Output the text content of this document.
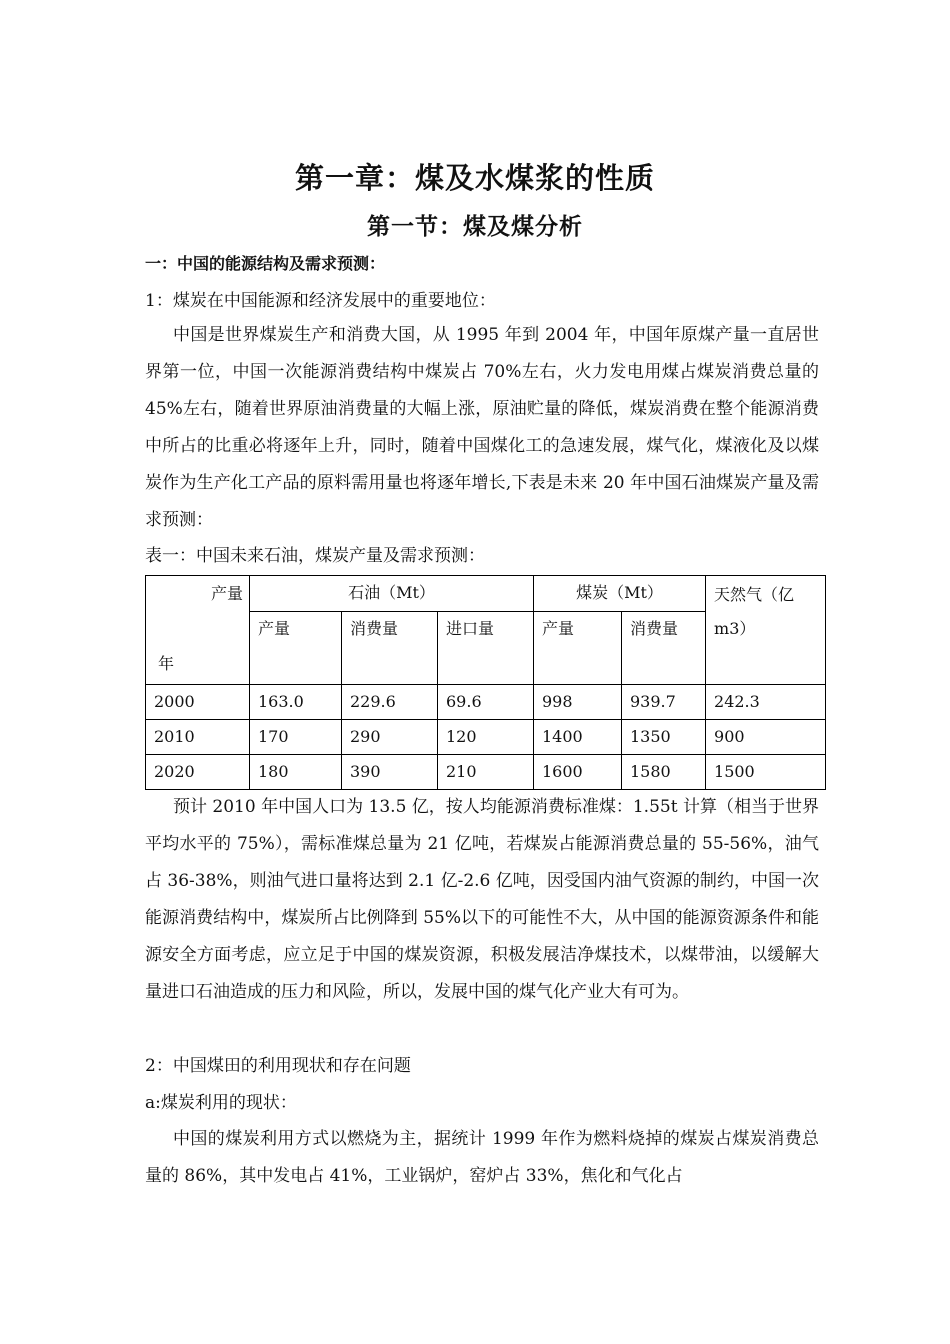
第一章：煤及水煤浆的性质
第一节：煤及煤分析
一：中国的能源结构及需求预测：
1：煤炭在中国能源和经济发展中的重要地位：
中国是世界煤炭生产和消费大国，从 1995 年到 2004 年，中国年原煤产量一直居世界第一位，中国一次能源消费结构中煤炭占 70%左右，火力发电用煤占煤炭消费总量的 45%左右，随着世界原油消费量的大幅上涨，原油贮量的降低，煤炭消费在整个能源消费中所占的比重必将逐年上升，同时，随着中国煤化工的急速发展，煤气化，煤液化及以煤炭作为生产化工产品的原料需用量也将逐年增长,下表是未来 20 年中国石油煤炭产量及需求预测：
表一：中国未来石油，煤炭产量及需求预测：
产量
年	石油（Mt）			煤炭（Mt）		天然气（亿m3）
	产量	消费量	进口量	产量	消费量	
2000	163.0	229.6	69.6	998	939.7	242.3
2010	170	290	120	1400	1350	900
2020	180	390	210	1600	1580	1500
预计 2010 年中国人口为 13.5 亿，按人均能源消费标准煤：1.55t 计算（相当于世界平均水平的 75%），需标准煤总量为 21 亿吨，若煤炭占能源消费总量的 55-56%，油气占 36-38%，则油气进口量将达到 2.1 亿-2.6 亿吨，因受国内油气资源的制约，中国一次能源消费结构中，煤炭所占比例降到 55%以下的可能性不大，从中国的能源资源条件和能源安全方面考虑，应立足于中国的煤炭资源，积极发展洁净煤技术，以煤带油，以缓解大量进口石油造成的压力和风险，所以，发展中国的煤气化产业大有可为。
2：中国煤田的利用现状和存在问题
a:煤炭利用的现状：
中国的煤炭利用方式以燃烧为主，据统计 1999 年作为燃料烧掉的煤炭占煤炭消费总量的 86%，其中发电占 41%，工业锅炉，窑炉占 33%，焦化和气化占
